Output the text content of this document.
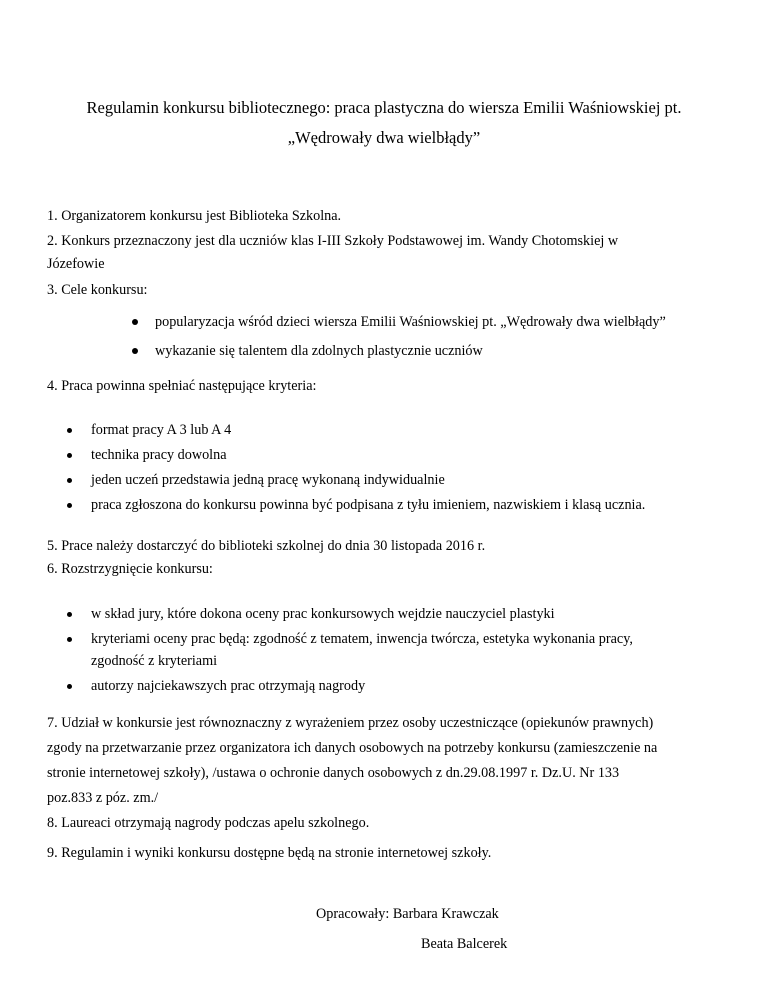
Regulamin konkursu bibliotecznego: praca plastyczna do wiersza Emilii Waśniowskiej pt.
„Wędrowały dwa wielbłądy”
1. Organizatorem konkursu jest Biblioteka Szkolna.
2. Konkurs przeznaczony jest dla uczniów klas I-III Szkoły Podstawowej im. Wandy Chotomskiej w
Józefowie
3. Cele konkursu:
popularyzacja wśród dzieci wiersza Emilii Waśniowskiej pt. „Wędrowały dwa wielbłądy”
wykazanie się talentem dla zdolnych plastycznie uczniów
4. Praca powinna spełniać następujące kryteria:
format pracy A 3 lub A 4
technika pracy dowolna
jeden uczeń przedstawia jedną pracę wykonaną indywidualnie
praca zgłoszona do konkursu powinna być podpisana z tyłu imieniem, nazwiskiem i klasą ucznia.
5. Prace należy dostarczyć do biblioteki szkolnej do dnia 30 listopada 2016 r.
6. Rozstrzygnięcie konkursu:
w skład jury, które dokona oceny prac konkursowych wejdzie nauczyciel plastyki
kryteriami oceny prac będą: zgodność z tematem, inwencja twórcza, estetyka wykonania pracy,
zgodność z kryteriami
autorzy najciekawszych prac otrzymają nagrody
7. Udział w konkursie jest równoznaczny z wyrażeniem przez osoby uczestniczące (opiekunów prawnych)
zgody na przetwarzanie przez organizatora ich danych osobowych na potrzeby konkursu (zamieszczenie na
stronie internetowej szkoły), /ustawa o ochronie danych osobowych z dn.29.08.1997 r. Dz.U. Nr 133
poz.833 z póz. zm./
8. Laureaci otrzymają nagrody podczas apelu szkolnego.
9. Regulamin i wyniki konkursu dostępne będą na stronie internetowej szkoły.
Opracowały: Barbara Krawczak
Beata Balcerek
